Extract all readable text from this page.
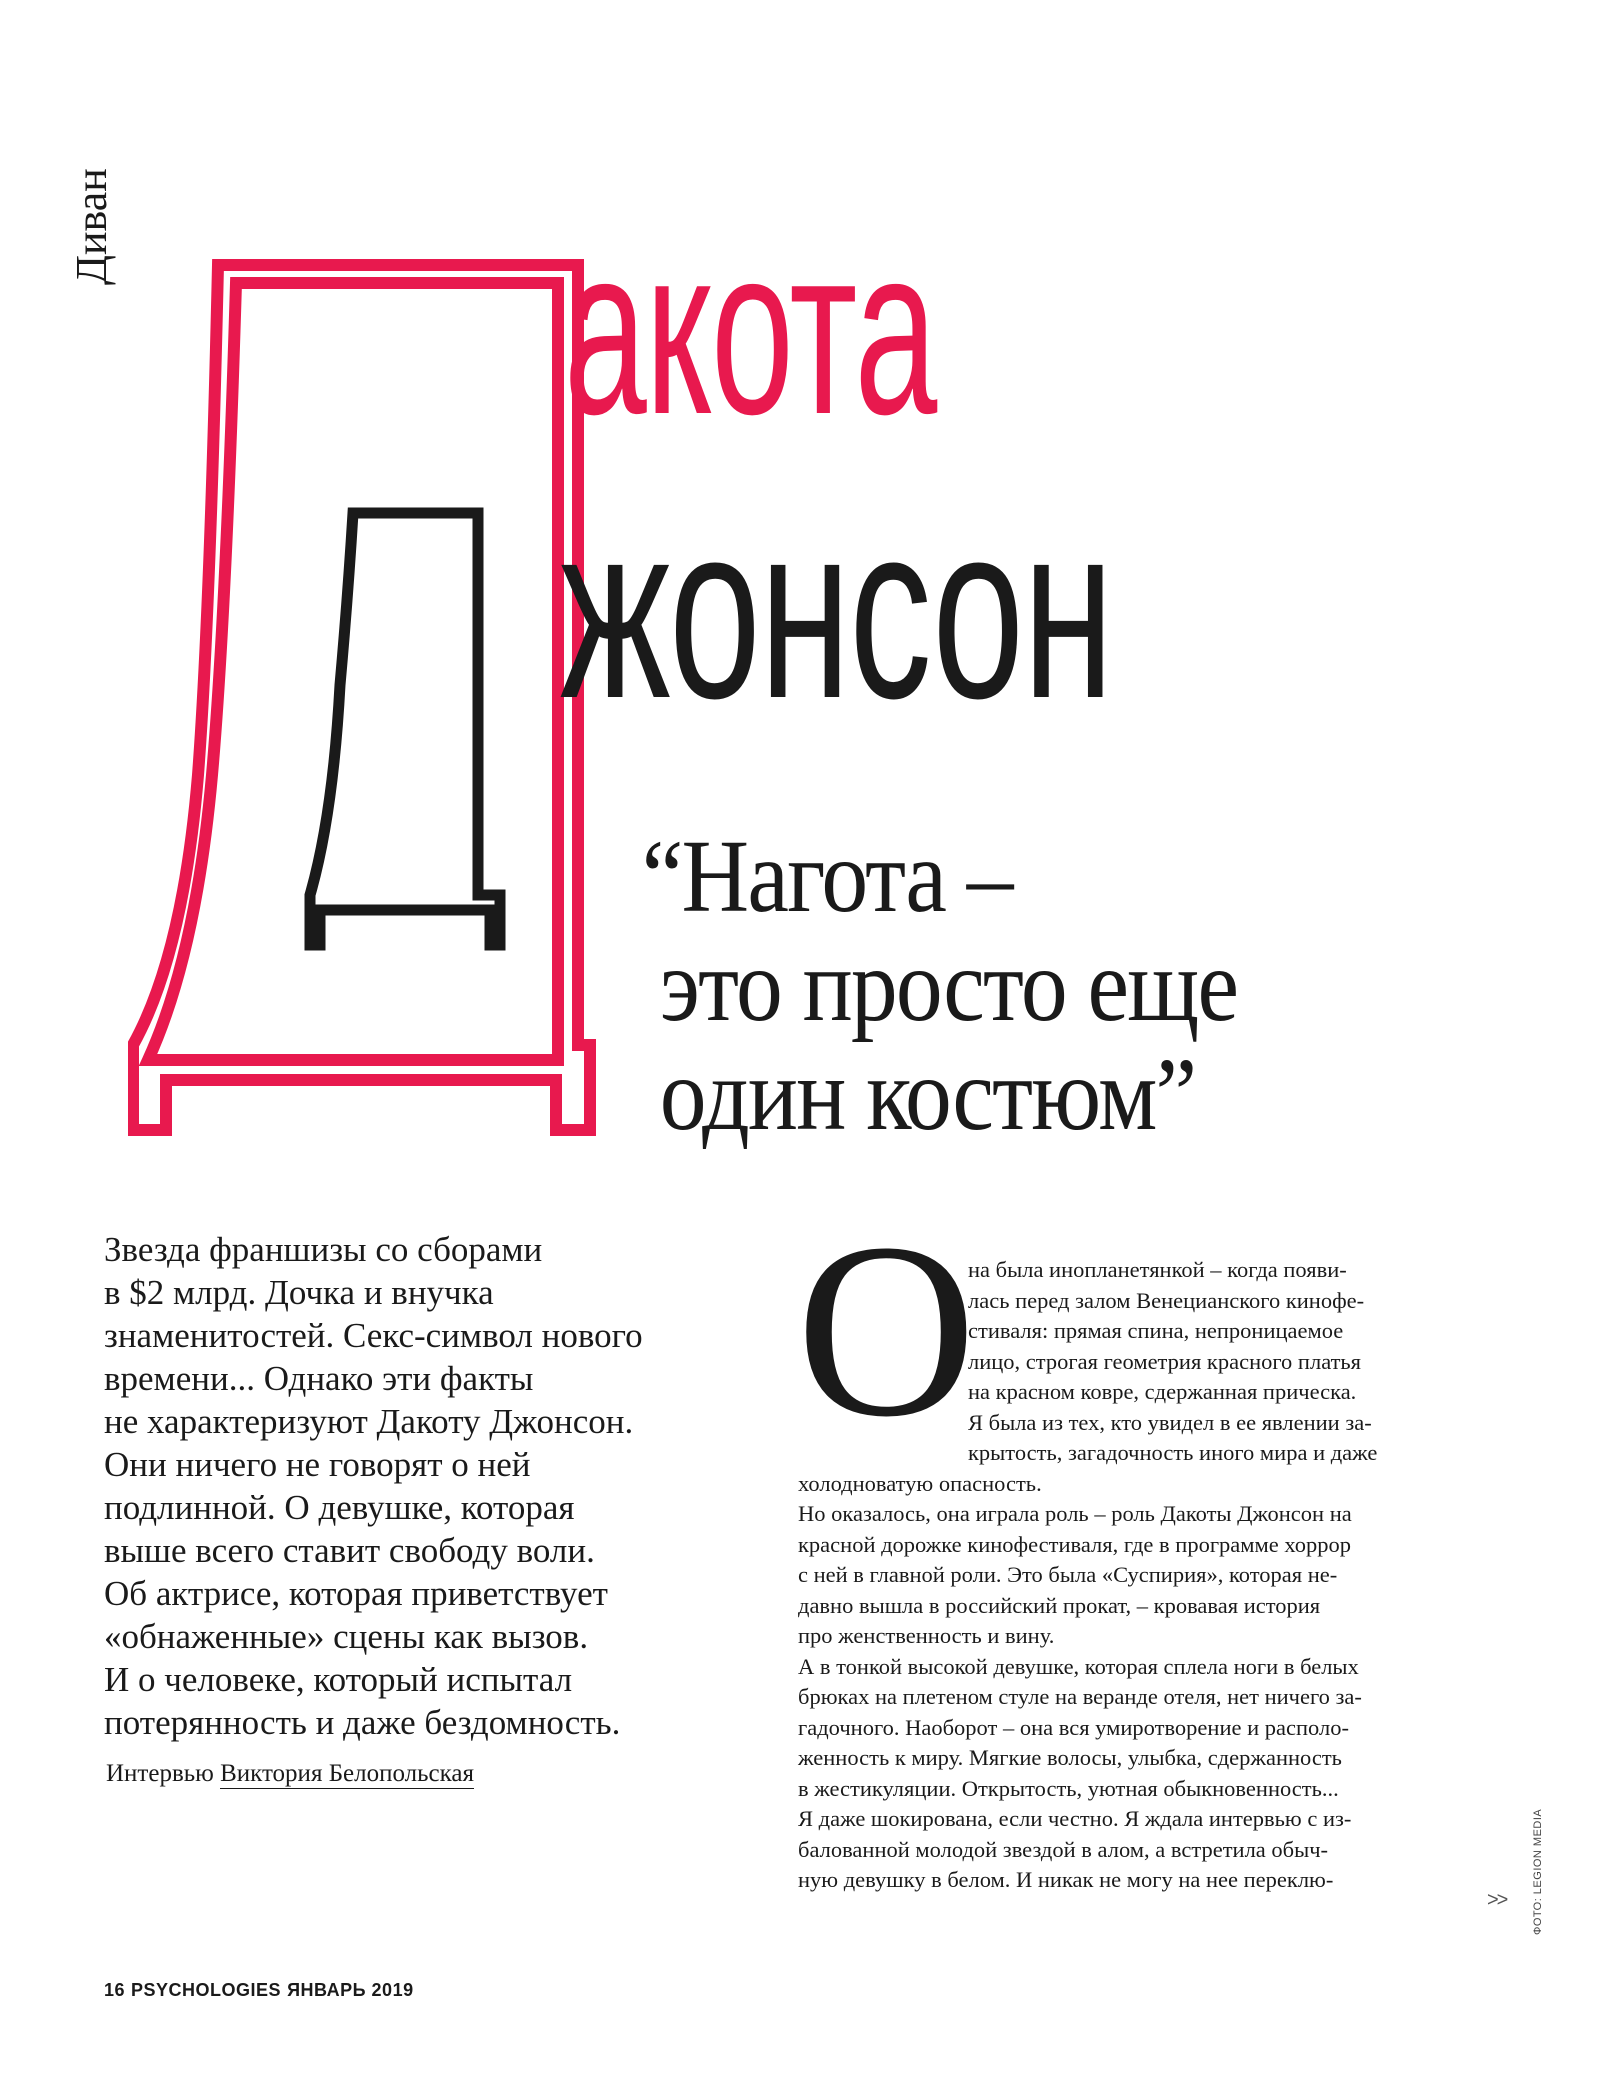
Диван акота
жонсон
“Нагота –
это просто еще
один костюм”
Звезда франшизы со сборами
в $2 млрд. Дочка и внучка
знаменитостей. Секс-символ нового
времени... Однако эти факты
не характеризуют Дакоту Джонсон.
Они ничего не говорят о ней
подлинной. О девушке, которая
выше всего ставит свободу воли.
Об актрисе, которая приветствует
«обнаженные» сцены как вызов.
И о человеке, который испытал
потерянность и даже бездомность.
Интервью Виктория Белопольская
О
на была инопланетянкой – когда появи-
лась перед залом Венецианского кинофе-
стиваля: прямая спина, непроницаемое
лицо, строгая геометрия красного платья
на красном ковре, сдержанная прическа.
Я была из тех, кто увидел в ее явлении за-
крытость, загадочность иного мира и даже
холодноватую опасность.
Но оказалось, она играла роль – роль Дакоты Джонсон на
красной дорожке кинофестиваля, где в программе хоррор
с ней в главной роли. Это была «Суспирия», которая не-
давно вышла в российский прокат, – кровавая история
про женственность и вину.
А в тонкой высокой девушке, которая сплела ноги в белых
брюках на плетеном стуле на веранде отеля, нет ничего за-
гадочного. Наоборот – она вся умиротворение и располо-
женность к миру. Мягкие волосы, улыбка, сдержанность
в жестикуляции. Открытость, уютная обыкновенность...
Я даже шокирована, если честно. Я ждала интервью с из-
балованной молодой звездой в алом, а встретила обыч-
ную девушку в белом. И никак не могу на нее переклю-
>> ФОТО: LEGION MEDIA
16 PSYCHOLOGIES ЯНВАРЬ 2019
